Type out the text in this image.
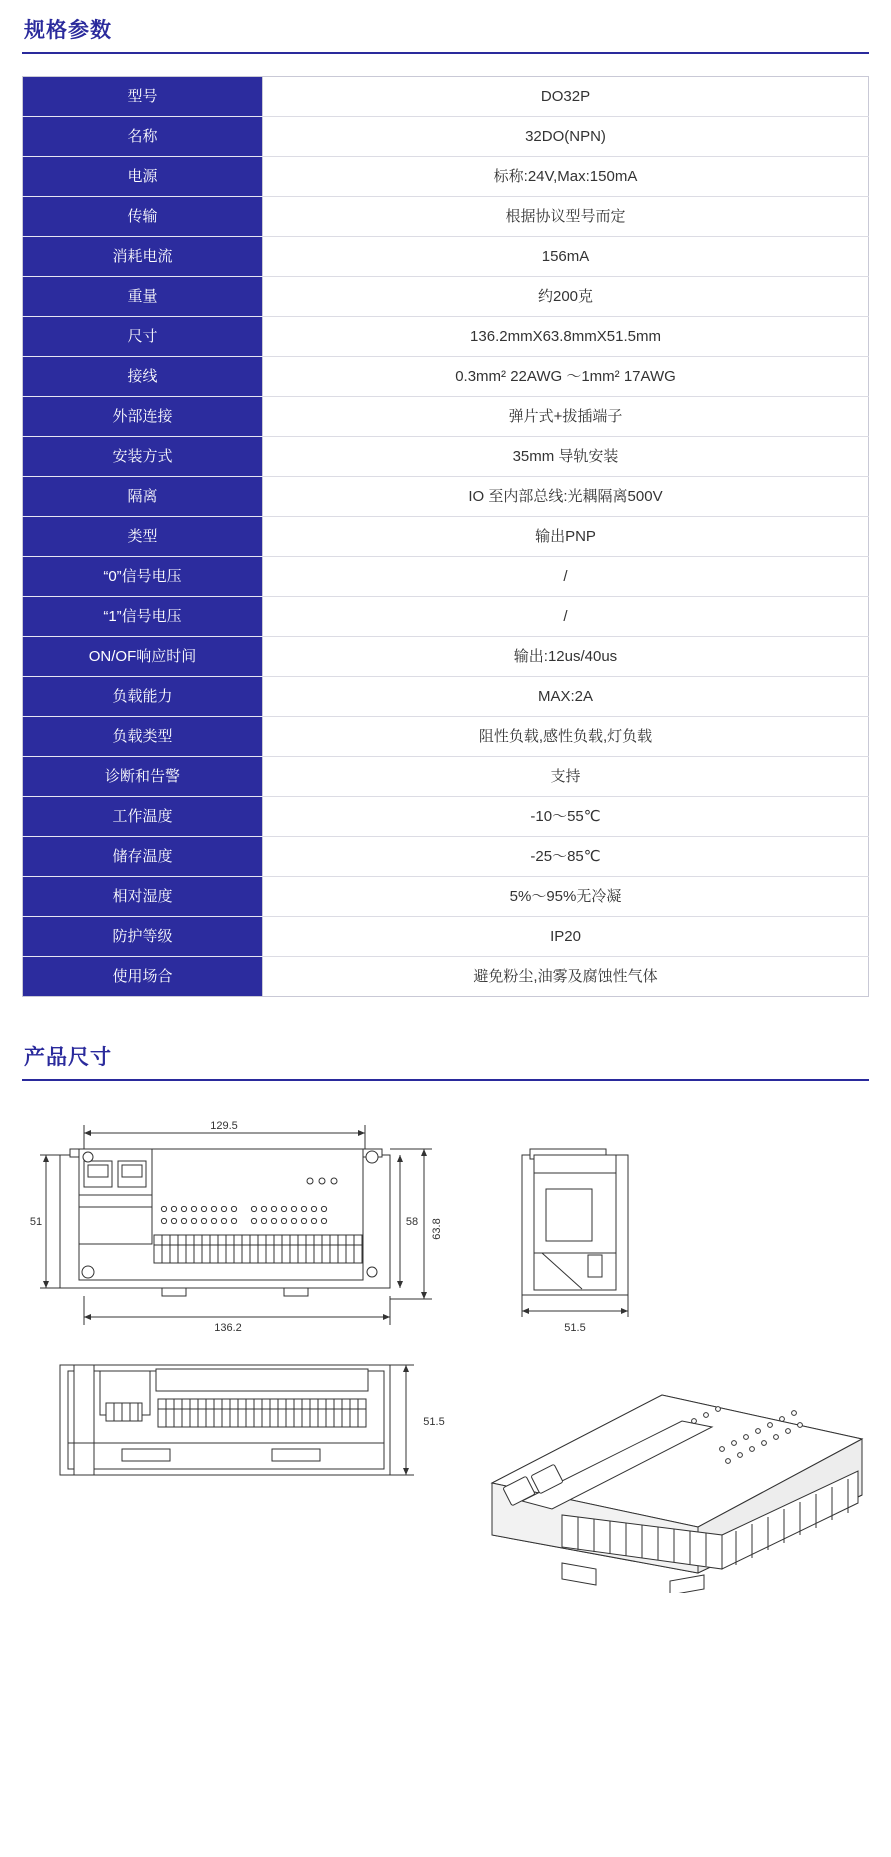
规格参数
型号	DO32P
名称	32DO(NPN)
电源	标称:24V,Max:150mA
传输	根据协议型号而定
消耗电流	156mA
重量	约200克
尺寸	136.2mmX63.8mmX51.5mm
接线	0.3mm² 22AWG 〜1mm² 17AWG
外部连接	弹片式+拔插端子
安装方式	35mm 导轨安装
隔离	IO 至内部总线:光耦隔离500V
类型	输出PNP
“0”信号电压	/
“1”信号电压	/
ON/OF响应时间	输出:12us/40us
负载能力	MAX:2A
负载类型	阻性负载,感性负载,灯负载
诊断和告警	支持
工作温度	-10〜55℃
储存温度	-25〜85℃
相对湿度	5%〜95%无冷凝
防护等级	IP20
使用场合	避免粉尘,油雾及腐蚀性气体
产品尺寸
129.5
51	58 63.8
136.2	51.5
51.5
